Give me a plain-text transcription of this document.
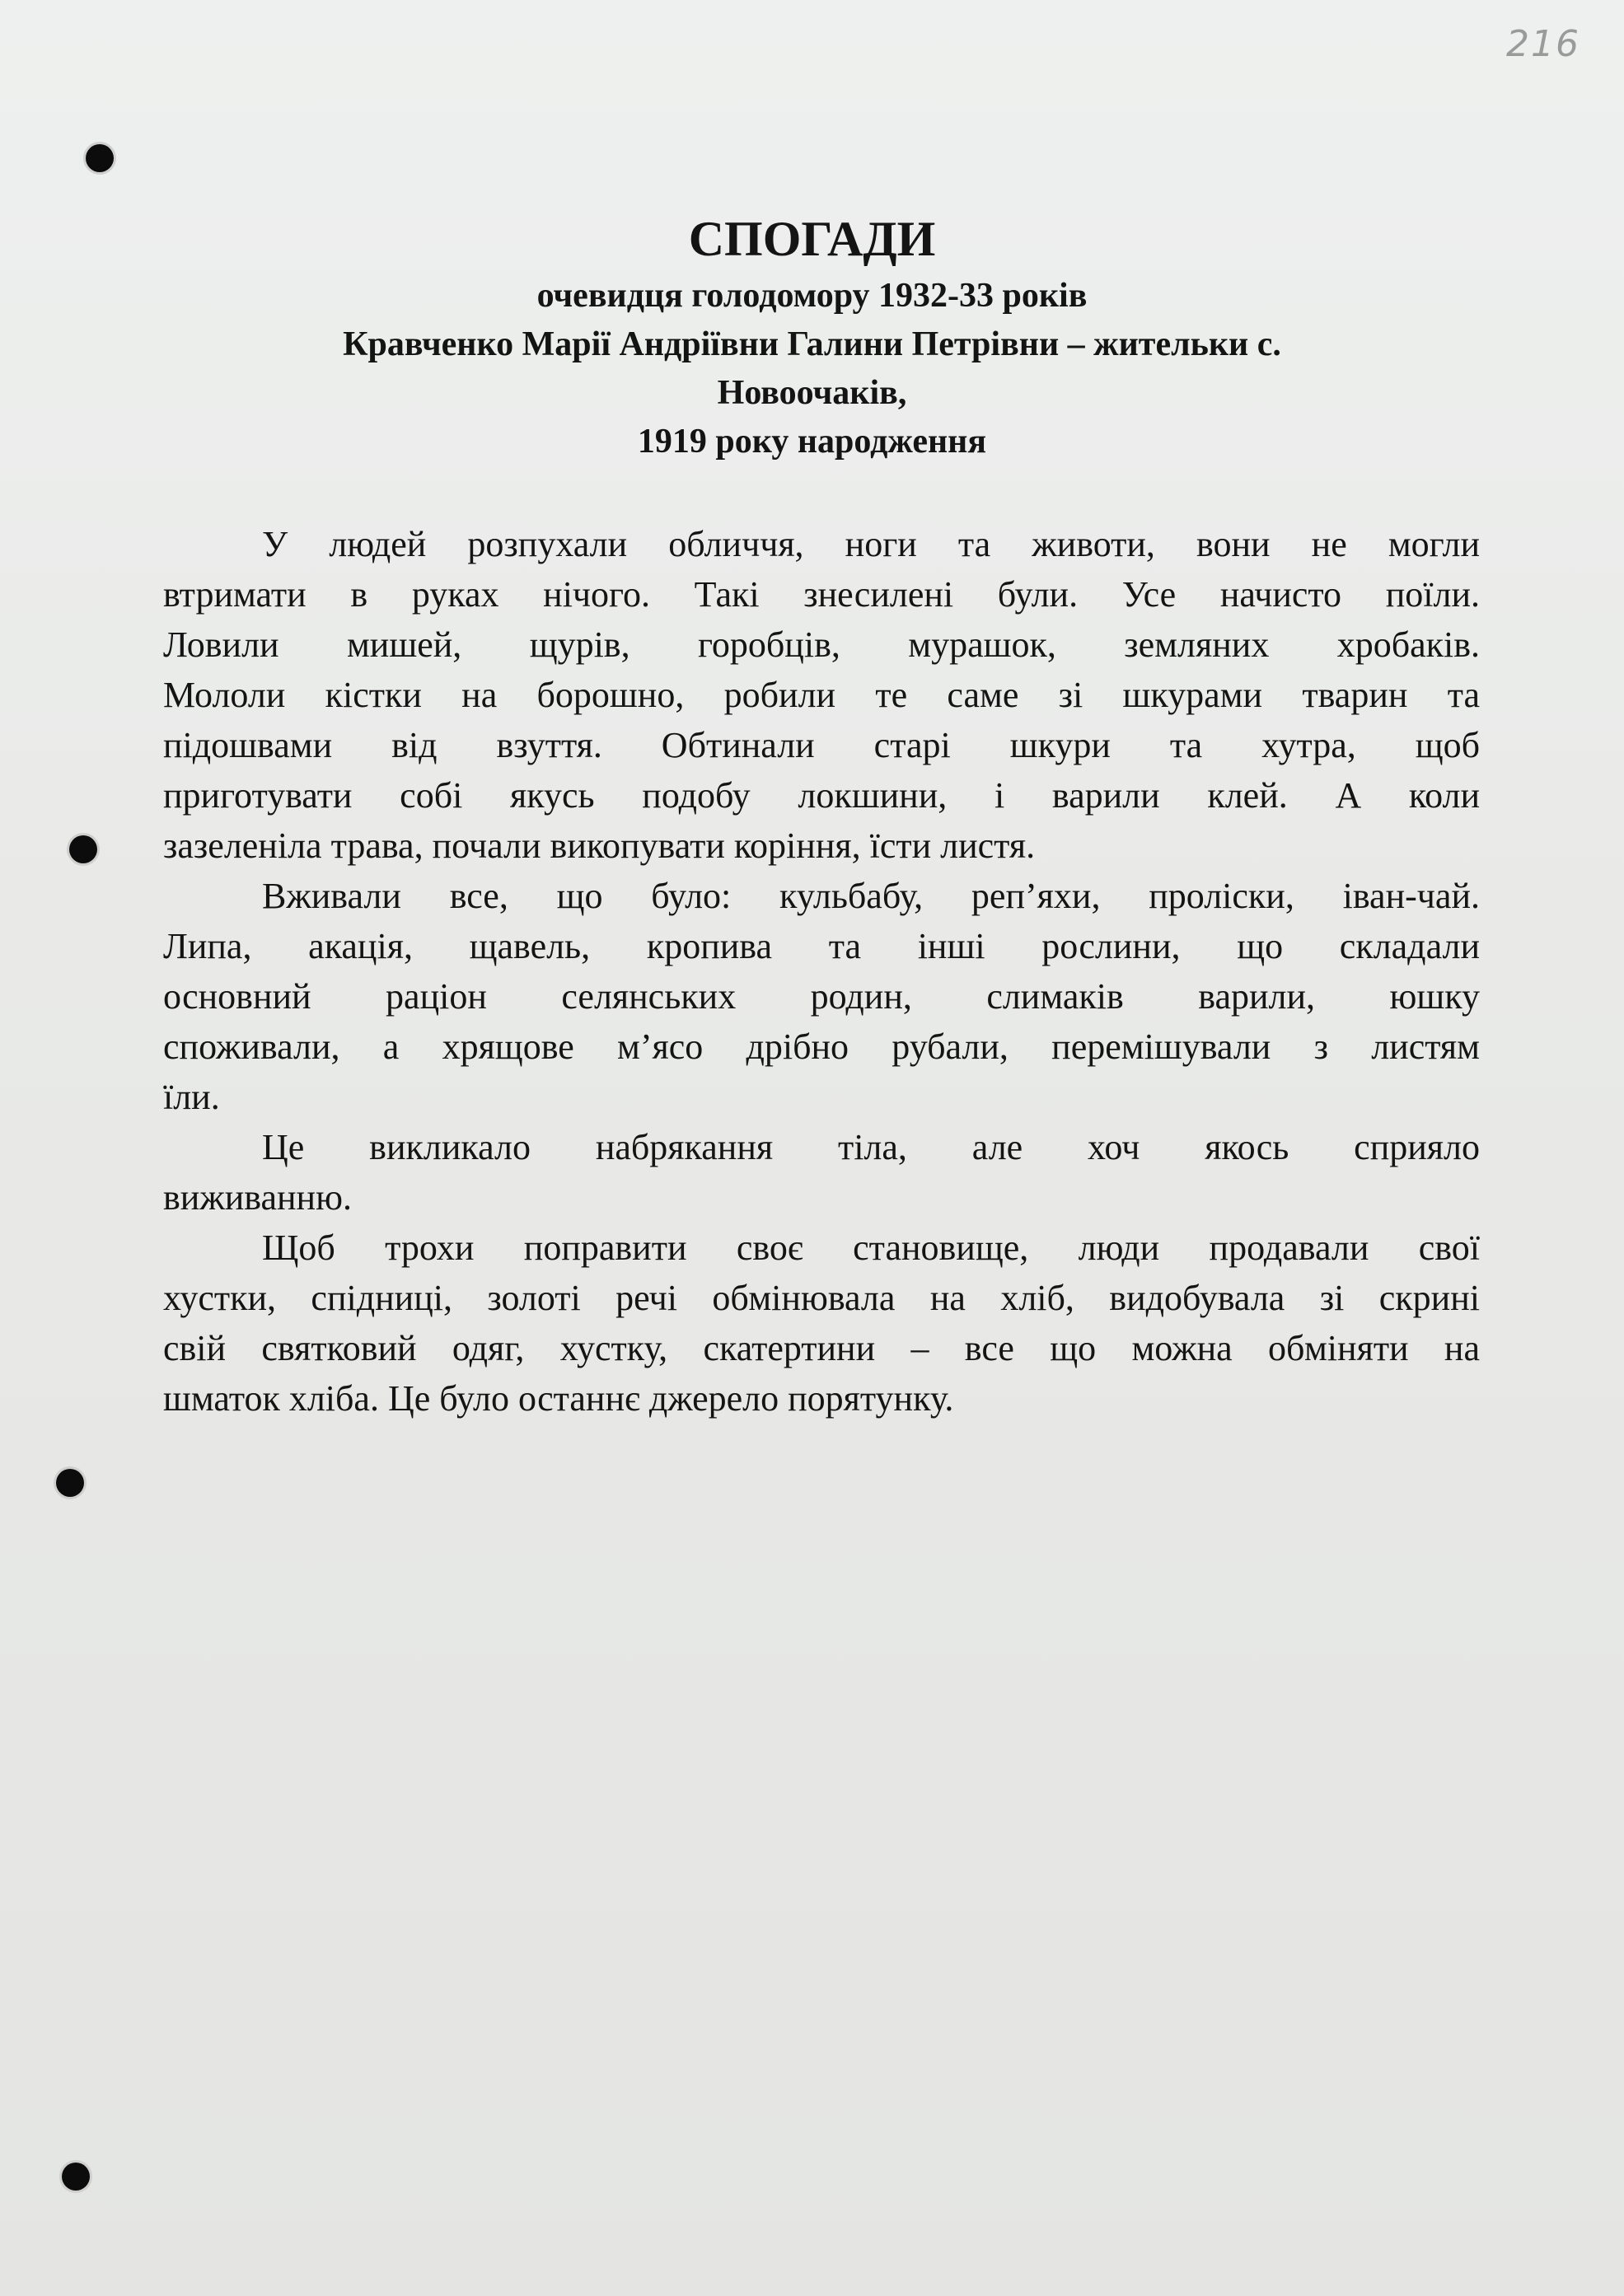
216
СПОГАДИ
очевидця голодомору 1932-33 років
Кравченко Марії Андріївни Галини Петрівни – жительки с.
Новоочаків,
1919 року народження
У людей розпухали обличчя, ноги та животи, вони не могли
втримати в руках нічого. Такі знесилені були. Усе начисто поїли.
Ловили мишей, щурів, горобців, мурашок, земляних хробаків.
Мололи кістки на борошно, робили те саме зі шкурами тварин та
підошвами від взуття. Обтинали старі шкури та хутра, щоб
приготувати собі якусь подобу локшини, і варили клей. А коли
зазеленіла трава, почали викопувати коріння, їсти листя.
Вживали все, що було: кульбабу, реп’яхи, проліски, іван-чай.
Липа, акація, щавель, кропива та інші рослини, що складали
основний раціон селянських родин, слимаків варили, юшку
споживали, а хрящове м’ясо дрібно рубали, перемішували з листям
їли.
Це викликало набрякання тіла, але хоч якось сприяло
виживанню.
Щоб трохи поправити своє становище, люди продавали свої
хустки, спідниці, золоті речі обмінювала на хліб, видобувала зі скрині
свій святковий одяг, хустку, скатертини – все що можна обміняти на
шматок хліба. Це було останнє джерело порятунку.
